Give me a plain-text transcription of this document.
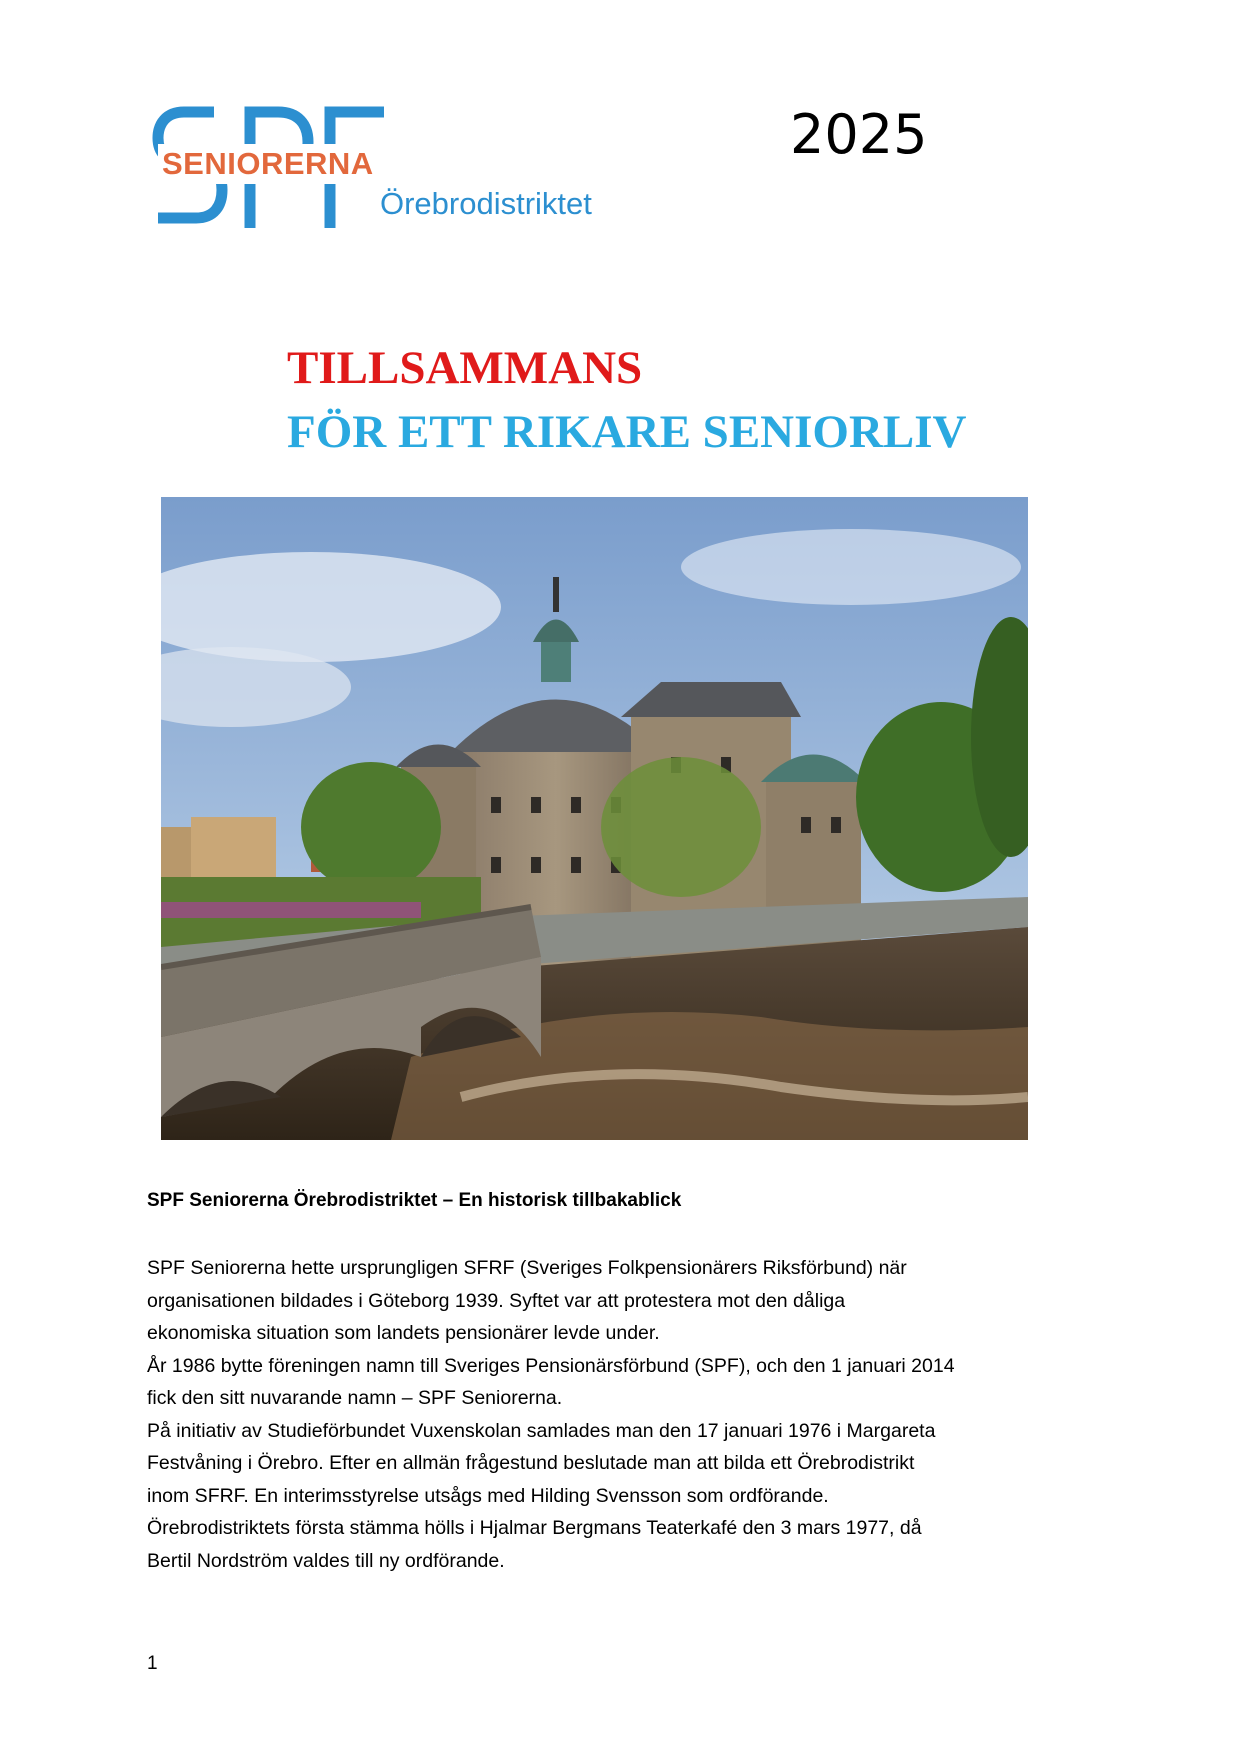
SENIORERNA
Örebrodistriktet
2025
TILLSAMMANS
FÖR ETT RIKARE SENIORLIV
SPF Seniorerna Örebrodistriktet – En historisk tillbakablick
SPF Seniorerna hette ursprungligen SFRF (Sveriges Folkpensionärers Riksförbund) när
organisationen bildades i Göteborg 1939. Syftet var att protestera mot den dåliga
ekonomiska situation som landets pensionärer levde under.
År 1986 bytte föreningen namn till Sveriges Pensionärsförbund (SPF), och den 1 januari 2014
fick den sitt nuvarande namn – SPF Seniorerna.
På initiativ av Studieförbundet Vuxenskolan samlades man den 17 januari 1976 i Margareta
Festvåning i Örebro. Efter en allmän frågestund beslutade man att bilda ett Örebrodistrikt
inom SFRF. En interimsstyrelse utsågs med Hilding Svensson som ordförande.
Örebrodistriktets första stämma hölls i Hjalmar Bergmans Teaterkafé den 3 mars 1977, då
Bertil Nordström valdes till ny ordförande.
1
